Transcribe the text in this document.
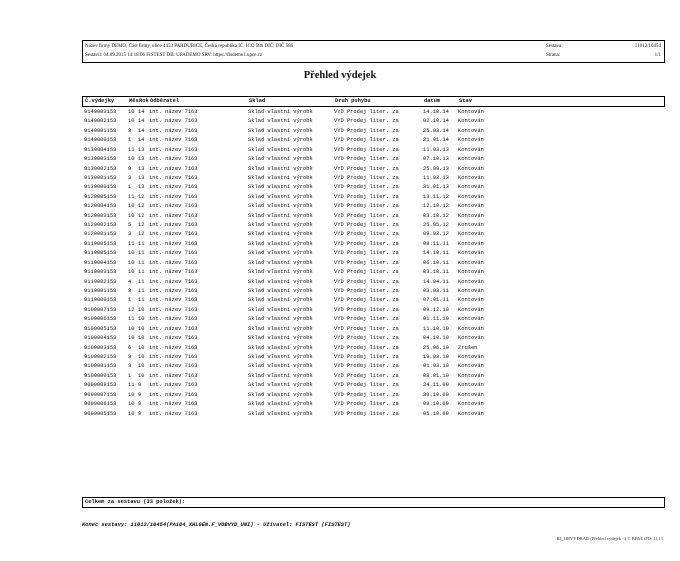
Název firmy DEMO, Část firmy, ulice 4453 PARDUBICE, Česká republika IČ: ICO 586 DIČ: DIČ 586
Sestavil: 04.09.2015 14:18:06 FISTEST DB: UPADEMO SRV: https://fisdemo1.upce.cz
Sestava:	11012/10454
Strana:	1/1
Přehled výdejek
Č.výdejky	Měs Rok Odběratel	Sklad	Druh pohybu	datum	Stav
9140003153 10 14 int. název 7163	Sklad vlastní výrobk	VYD Prodej liter. za	14.10.14 Kontován
9140002153 10 14 int. název 7163	Sklad vlastní výrobk	VYD Prodej liter. za	02.10.14 Kontován
9140001153 3 14 int. název 7163	Sklad vlastní výrobk	VYD Prodej liter. za	25.03.14 Kontován
9140000153 1 14 int. název 7163	Sklad vlastní výrobk	VYD Prodej liter. za	21.01.14 Kontován
9130004153 11 13 int. název 7163	Sklad vlastní výrobk	VYD Prodej liter. za	11.03.13 Kontován
9130003153 10 13 int. název 7163	Sklad vlastní výrobk	VYD Prodej liter. za	07.10.13 Kontován
9130002153 9 13 int. název 7163	Sklad vlastní výrobk	VYD Prodej liter. za	25.09.13 Kontován
9130001153 3 13 int. název 7163	Sklad vlastní výrobk	VYD Prodej liter. za	11.03.13 Kontován
9130000153 1 13 int. název 7163	Sklad vlastní výrobk	VYD Prodej liter. za	31.01.13 Kontován
9120005153 11 12 int. název 7163	Sklad vlastní výrobk	VYD Prodej liter. za	13.11.12 Kontován
9120004153 10 12 int. název 7163	Sklad vlastní výrobk	VYD Prodej liter. za	12.10.12 Kontován
9120003153 10 12 int. název 7163	Sklad vlastní výrobk	VYD Prodej liter. za	03.10.12 Kontován
9120002153 5 12 int. název 7163	Sklad vlastní výrobk	VYD Prodej liter. za	25.05.12 Kontován
9120001153 3 12 int. název 7163	Sklad vlastní výrobk	VYD Prodej liter. za	09.03.12 Kontován
9110005153 11 11 int. název 7163	Sklad vlastní výrobk	VYD Prodej liter. za	08.11.11 Kontován
9110005153 10 11 int. název 7163	Sklad vlastní výrobk	VYD Prodej liter. za	14.10.11 Kontován
9110004153 10 11 int. název 7163	Sklad vlastní výrobk	VYD Prodej liter. za	06.10.11 Kontován
9110003153 10 11 int. název 7163	Sklad vlastní výrobk	VYD Prodej liter. za	03.10.11 Kontován
9110002153 4 11 int. název 7163	Sklad vlastní výrobk	VYD Prodej liter. za	14.04.11 Kontován
9110001153 3 11 int. název 7163	Sklad vlastní výrobk	VYD Prodej liter. za	03.03.11 Kontován
9110000153 1 11 int. název 7163	Sklad vlastní výrobk	VYD Prodej liter. za	07.01.11 Kontován
9100007153 12 10 int. název 7163	Sklad vlastní výrobk	VYD Prodej liter. za	09.12.10 Kontován
9100006153 11 10 int. název 7163	Sklad vlastní výrobk	VYD Prodej liter. za	01.11.10 Kontován
9100005153 10 10 int. název 7163	Sklad vlastní výrobk	VYD Prodej liter. za	11.10.10 Kontován
9100004153 10 10 int. název 7163	Sklad vlastní výrobk	VYD Prodej liter. za	04.10.10 Kontován
9100003153 6 10 int. název 7163	Sklad vlastní výrobk	VYD Prodej liter. za	25.06.10 Zrušen
9100002153 3 10 int. název 7163	Sklad vlastní výrobk	VYD Prodej liter. za	19.03.10 Kontován
9100001153 3 10 int. název 7163	Sklad vlastní výrobk	VYD Prodej liter. za	01.03.10 Kontován
9100000153 1 10 int. název 7163	Sklad vlastní výrobk	VYD Prodej liter. za	08.01.10 Kontován
9090008153 11 9 int. název 7163	Sklad vlastní výrobk	VYD Prodej liter. za	24.11.09 Kontován
9090007153 10 9 int. název 7163	Sklad vlastní výrobk	VYD Prodej liter. za	30.10.09 Kontován
9090006153 10 9 int. název 7163	Sklad vlastní výrobk	VYD Prodej liter. za	09.10.09 Kontován
9090005153 10 9 int. název 7163	Sklad vlastní výrobk	VYD Prodej liter. za	05.10.09 Kontován
Celkem za sestavu (33 položek):
Konec sestavy: 11012/10454(PA104_XHLGEN.F_VOBVYD_UNI) - Uživatel: FISTEST (FISTEST)
RJ_OBVYDRAD (Přehled výdejek - ) © BBM, iFIS 11.13
